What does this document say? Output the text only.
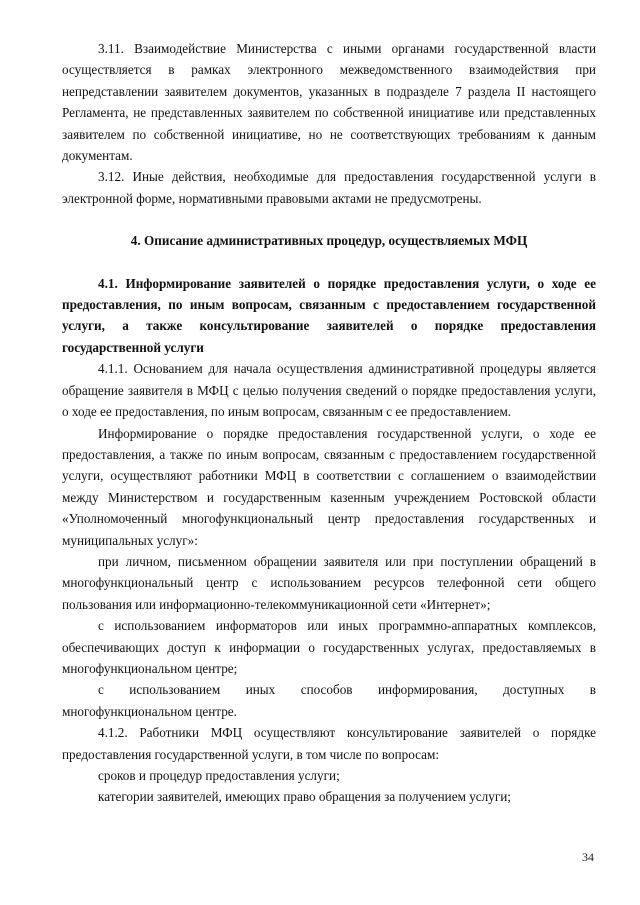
3.11. Взаимодействие Министерства с иными органами государственной власти осуществляется в рамках электронного межведомственного взаимодействия при непредставлении заявителем документов, указанных в подразделе 7 раздела II настоящего Регламента, не представленных заявителем по собственной инициативе или представленных заявителем по собственной инициативе, но не соответствующих требованиям к данным документам.

3.12. Иные действия, необходимые для предоставления государственной услуги в электронной форме, нормативными правовыми актами не предусмотрены.

4. Описание административных процедур, осуществляемых МФЦ

4.1. Информирование заявителей о порядке предоставления услуги, о ходе ее предоставления, по иным вопросам, связанным с предоставлением государственной услуги, а также консультирование заявителей о порядке предоставления государственной услуги

4.1.1. Основанием для начала осуществления административной процедуры является обращение заявителя в МФЦ с целью получения сведений о порядке предоставления услуги, о ходе ее предоставления, по иным вопросам, связанным с ее предоставлением.

Информирование о порядке предоставления государственной услуги, о ходе ее предоставления, а также по иным вопросам, связанным с предоставлением государственной услуги, осуществляют работники МФЦ в соответствии с соглашением о взаимодействии между Министерством и государственным казенным учреждением Ростовской области «Уполномоченный многофункциональный центр предоставления государственных и муниципальных услуг»:

при личном, письменном обращении заявителя или при поступлении обращений в многофункциональный центр с использованием ресурсов телефонной сети общего пользования или информационно-телекоммуникационной сети «Интернет»;

с использованием информаторов или иных программно-аппаратных комплексов, обеспечивающих доступ к информации о государственных услугах, предоставляемых в многофункциональном центре;

с использованием иных способов информирования, доступных в многофункциональном центре.

4.1.2. Работники МФЦ осуществляют консультирование заявителей о порядке предоставления государственной услуги, в том числе по вопросам:

сроков и процедур предоставления услуги;

категории заявителей, имеющих право обращения за получением услуги;

34
